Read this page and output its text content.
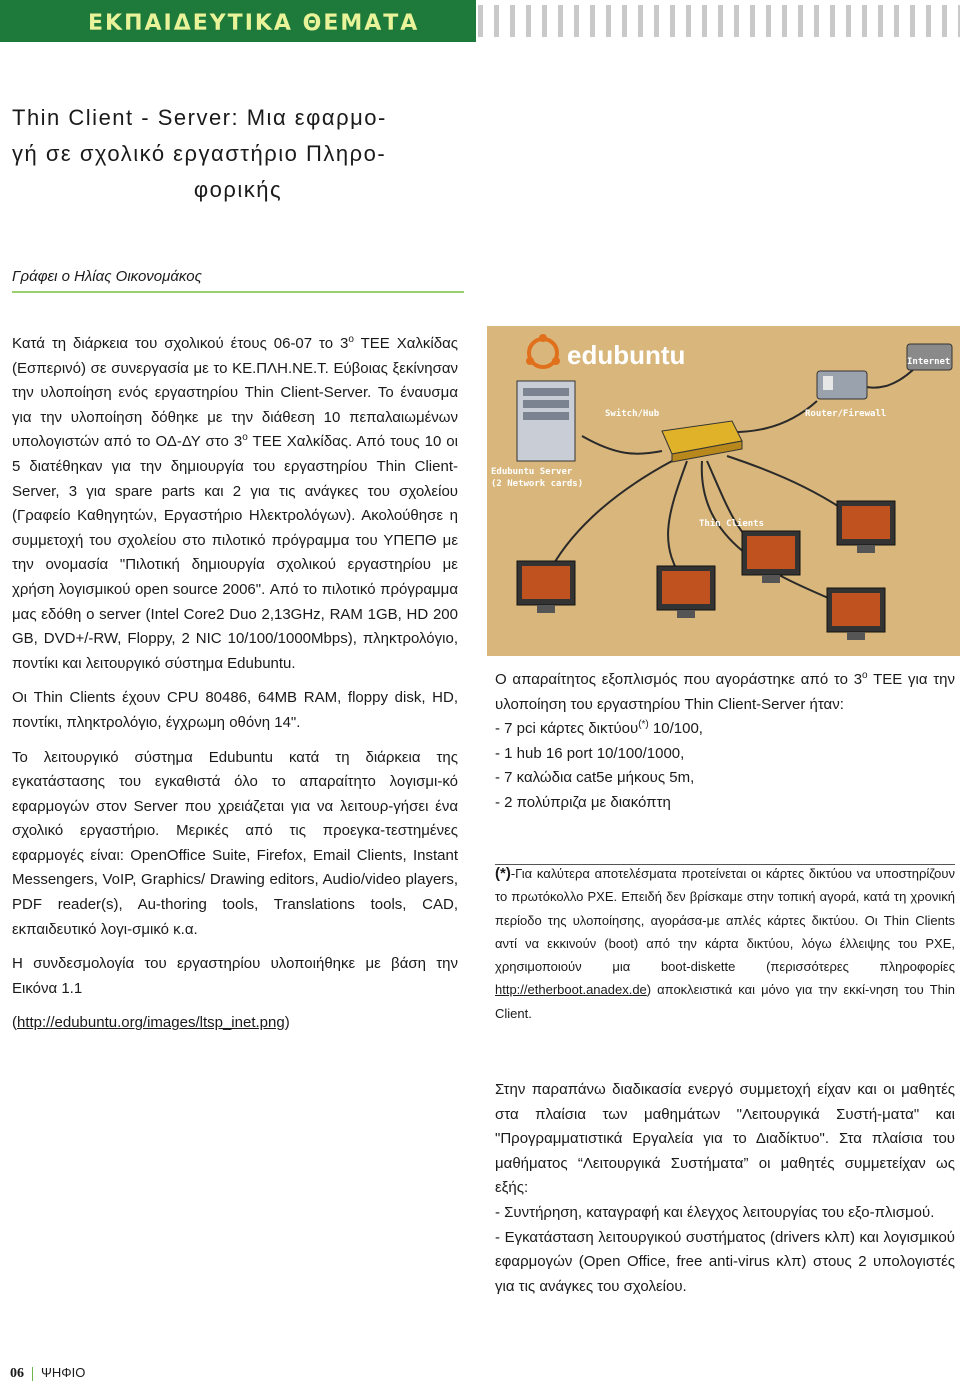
ΕΚΠΑΙΔΕΥΤΙΚΑ ΘΕΜΑΤΑ
Thin Client - Server: Μια εφαρμο-
γή σε σχολικό εργαστήριο Πληρο-
φορικής
Γράφει ο Ηλίας Οικονομάκος

Κατά τη διάρκεια του σχολικού έτους 06-07 το $3^o$ ΤΕΕ Χαλκίδας (Εσπερινό) σε συνεργασία με το ΚΕ.ΠΛΗ.ΝΕ.Τ. Εύβοιας ξεκίνησαν την υλοποίηση ενός εργαστηρίου Thin Client-Server. Το έναυσμα για την υλοποίηση δόθηκε με την διάθεση 10 πεπαλαιωμένων υπολογιστών από το ΟΔ-ΔΥ στο $3^o$ ΤΕΕ Χαλκίδας. Από τους 10 οι 5 διατέθηκαν για την δημιουργία του εργαστηρίου Thin Client-Server, 3 για spare parts και 2 για τις ανάγκες του σχολείου (Γραφείο Καθηγητών, Εργαστήριο Ηλεκτρολόγων). Ακολούθησε η συμμετοχή του σχολείου στο πιλοτικό πρόγραμμα του ΥΠΕΠΘ με την ονομασία "Πιλοτική δημιουργία σχολικού εργαστηρίου με χρήση λογισμικού open source 2006". Από το πιλοτικό πρόγραμμα μας εδόθη ο server (Intel Core2 Duo 2,13GHz, RAM 1GB, HD 200 GB, DVD+/-RW, Floppy, 2 NIC 10/100/1000Mbps), πληκτρολόγιο, ποντίκι και λειτουργικό σύστημα Edubuntu.

Οι Thin Clients έχουν CPU 80486, 64MB RAM, floppy disk, HD, ποντίκι, πληκτρολόγιο, έγχρωμη οθόνη 14".

Το λειτουργικό σύστημα Edubuntu κατά τη διάρκεια της εγκατάστασης του εγκαθιστά όλο το απαραίτητο λογισμι-κό εφαρμογών στον Server που χρειάζεται για να λειτουρ-γήσει ένα σχολικό εργαστήριο. Μερικές από τις προεγκα-τεστημένες εφαρμογές είναι: OpenOffice Suite, Firefox, Email Clients, Instant Messengers, VoIP, Graphics/ Drawing editors, Audio/video players, PDF reader(s), Au-thoring tools, Translations tools, CAD, εκπαιδευτικό λογι-σμικό κ.α.

Η συνδεσμολογία του εργαστηρίου υλοποιήθηκε με βάση την Εικόνα 1.1

(http://edubuntu.org/images/ltsp_inet.png)

edubuntu	Internet
Router/Firewall
Switch/Hub
Edubuntu Server
(2 Network cards)
Thin Clients

Ο απαραίτητος εξοπλισμός που αγοράστηκε από το $3^o$ ΤΕΕ για την υλοποίηση του εργαστηρίου Thin Client-Server ήταν:

- 7 pci κάρτες δικτύου(*) 10/100,
- 1 hub 16 port 10/100/1000,
- 7 καλώδια cat5e μήκους 5m,
- 2 πολύπριζα με διακόπτη

(*)-Για καλύτερα αποτελέσματα προτείνεται οι κάρτες δικτύου να υποστηρίζουν το πρωτόκολλο PXE. Επειδή δεν βρίσκαμε στην τοπική αγορά, κατά τη χρονική περίοδο της υλοποίησης, αγοράσα-με απλές κάρτες δικτύου. Οι Thin Clients αντί να εκκινούν (boot) από την κάρτα δικτύου, λόγω έλλειψης του PXE, χρησιμοποιούν μια boot-diskette (περισσότερες πληροφορίες http://etherboot.anadex.de) αποκλειστικά και μόνο για την εκκί-νηση του Thin Client.

Στην παραπάνω διαδικασία ενεργό συμμετοχή είχαν και οι μαθητές στα πλαίσια των μαθημάτων "Λειτουργικά Συστή-ματα" και "Προγραμματιστικά Εργαλεία για το Διαδίκτυο". Στα πλαίσια του μαθήματος “Λειτουργικά Συστήματα” οι μαθητές συμμετείχαν ως εξής:

- Συντήρηση, καταγραφή και έλεγχος λειτουργίας του εξο-πλισμού.

- Εγκατάσταση λειτουργικού συστήματος (drivers κλπ) και λογισμικού εφαρμογών (Open Office, free anti-virus κλπ) στους 2 υπολογιστές για τις ανάγκες του σχολείου.

06 ΨΗΦΙΟ
